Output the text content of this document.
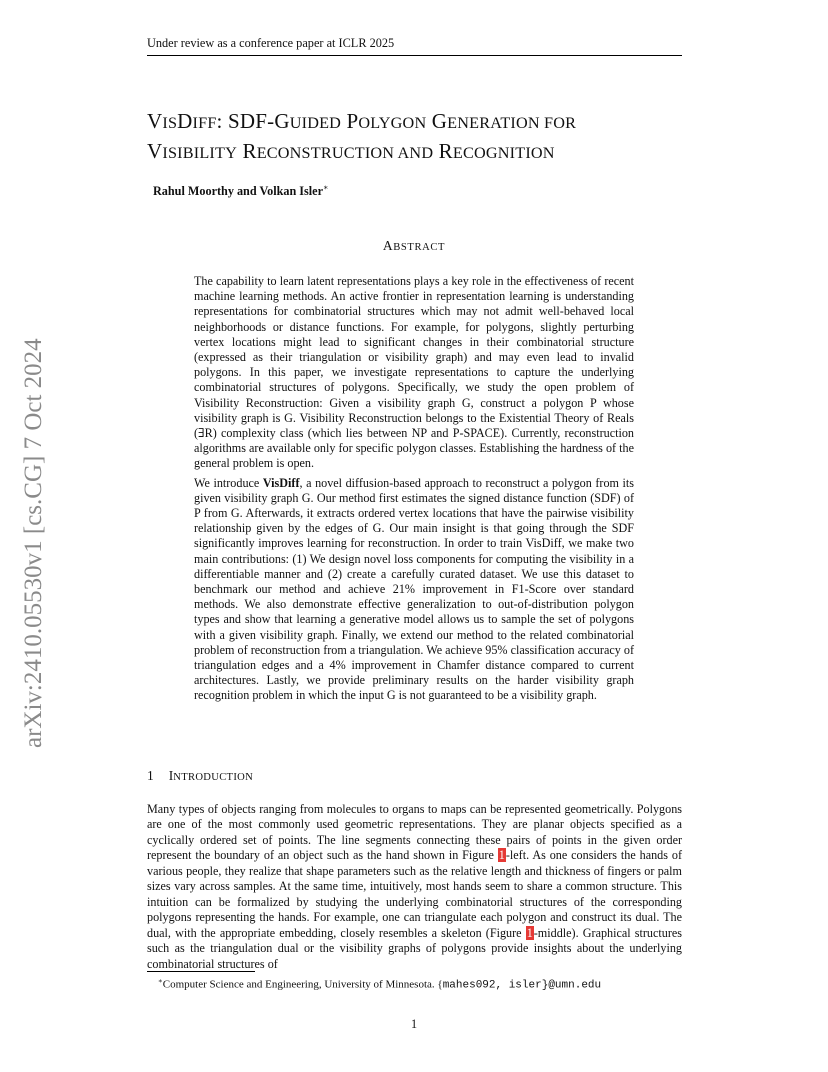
Under review as a conference paper at ICLR 2025
VISDIFF: SDF-GUIDED POLYGON GENERATION FOR
VISIBILITY RECONSTRUCTION AND RECOGNITION
Rahul Moorthy and Volkan Isler∗
ABSTRACT

The capability to learn latent representations plays a key role in the effectiveness of recent machine learning methods. An active frontier in representation learning is understanding representations for combinatorial structures which may not admit well-behaved local neighborhoods or distance functions. For example, for polygons, slightly perturbing vertex locations might lead to significant changes in their combinatorial structure (expressed as their triangulation or visibility graph) and may even lead to invalid polygons. In this paper, we investigate representations to capture the underlying combinatorial structures of polygons. Specifically, we study the open problem of Visibility Reconstruction: Given a visibility graph G, construct a polygon P whose visibility graph is G. Visibility Reconstruction belongs to the Existential Theory of Reals (∃R) complexity class (which lies between NP and P-SPACE). Currently, reconstruction algorithms are available only for specific polygon classes. Establishing the hardness of the general problem is open.

We introduce VisDiff, a novel diffusion-based approach to reconstruct a polygon from its given visibility graph G. Our method first estimates the signed distance function (SDF) of P from G. Afterwards, it extracts ordered vertex locations that have the pairwise visibility relationship given by the edges of G. Our main insight is that going through the SDF significantly improves learning for reconstruction. In order to train VisDiff, we make two main contributions: (1) We design novel loss components for computing the visibility in a differentiable manner and (2) create a carefully curated dataset. We use this dataset to benchmark our method and achieve 21% improvement in F1-Score over standard methods. We also demonstrate effective generalization to out-of-distribution polygon types and show that learning a generative model allows us to sample the set of polygons with a given visibility graph. Finally, we extend our method to the related combinatorial problem of reconstruction from a triangulation. We achieve 95% classification accuracy of triangulation edges and a 4% improvement in Chamfer distance compared to current architectures. Lastly, we provide preliminary results on the harder visibility graph recognition problem in which the input G is not guaranteed to be a visibility graph.

arXiv:2410.05530v1 [cs.CG] 7 Oct 2024
1 INTRODUCTION

Many types of objects ranging from molecules to organs to maps can be represented geometrically. Polygons are one of the most commonly used geometric representations. They are planar objects specified as a cyclically ordered set of points. The line segments connecting these pairs of points in the given order represent the boundary of an object such as the hand shown in Figure 1-left. As one considers the hands of various people, they realize that shape parameters such as the relative length and thickness of fingers or palm sizes vary across samples. At the same time, intuitively, most hands seem to share a common structure. This intuition can be formalized by studying the underlying combinatorial structures of the corresponding polygons representing the hands. For example, one can triangulate each polygon and construct its dual. The dual, with the appropriate embedding, closely resembles a skeleton (Figure 1-middle). Graphical structures such as the triangulation dual or the visibility graphs of polygons provide insights about the underlying combinatorial structures of

∗Computer Science and Engineering, University of Minnesota. {mahes092, isler}@umn.edu
1
